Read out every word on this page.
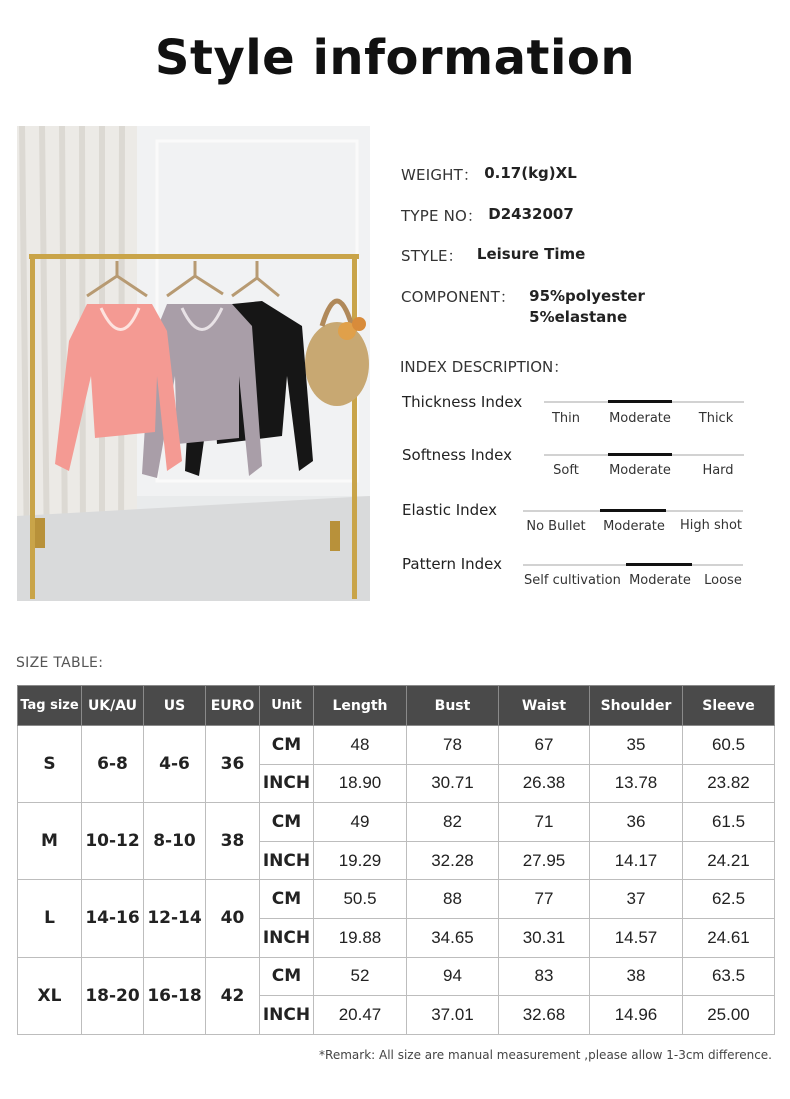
Style information
WEIGHT： 0.17(kg)XL
TYPE NO： D2432007
STYLE： Leisure Time
COMPONENT： 95%polyester
5%elastane
INDEX DESCRIPTION：
Thickness Index
Thin	Moderate	Thick
Softness Index
Soft	Moderate	Hard
Elastic Index
No Bullet	Moderate	High shot
Pattern Index
Self cultivation Moderate	Loose
SIZE TABLE:
Tag size	UK/AU	US	EURO	Unit	Length	Bust	Waist	Shoulder	Sleeve
S	6-8	4-6	36	CM	48	78	67	35	60.5
				INCH	18.90	30.71	26.38	13.78	23.82
M	10-12	8-10	38	CM	49	82	71	36	61.5
				INCH	19.29	32.28	27.95	14.17	24.21
L	14-16	12-14	40	CM	50.5	88	77	37	62.5
				INCH	19.88	34.65	30.31	14.57	24.61
XL	18-20	16-18	42	CM	52	94	83	38	63.5
				INCH	20.47	37.01	32.68	14.96	25.00
*Remark: All size are manual measurement ,please allow 1-3cm difference.
